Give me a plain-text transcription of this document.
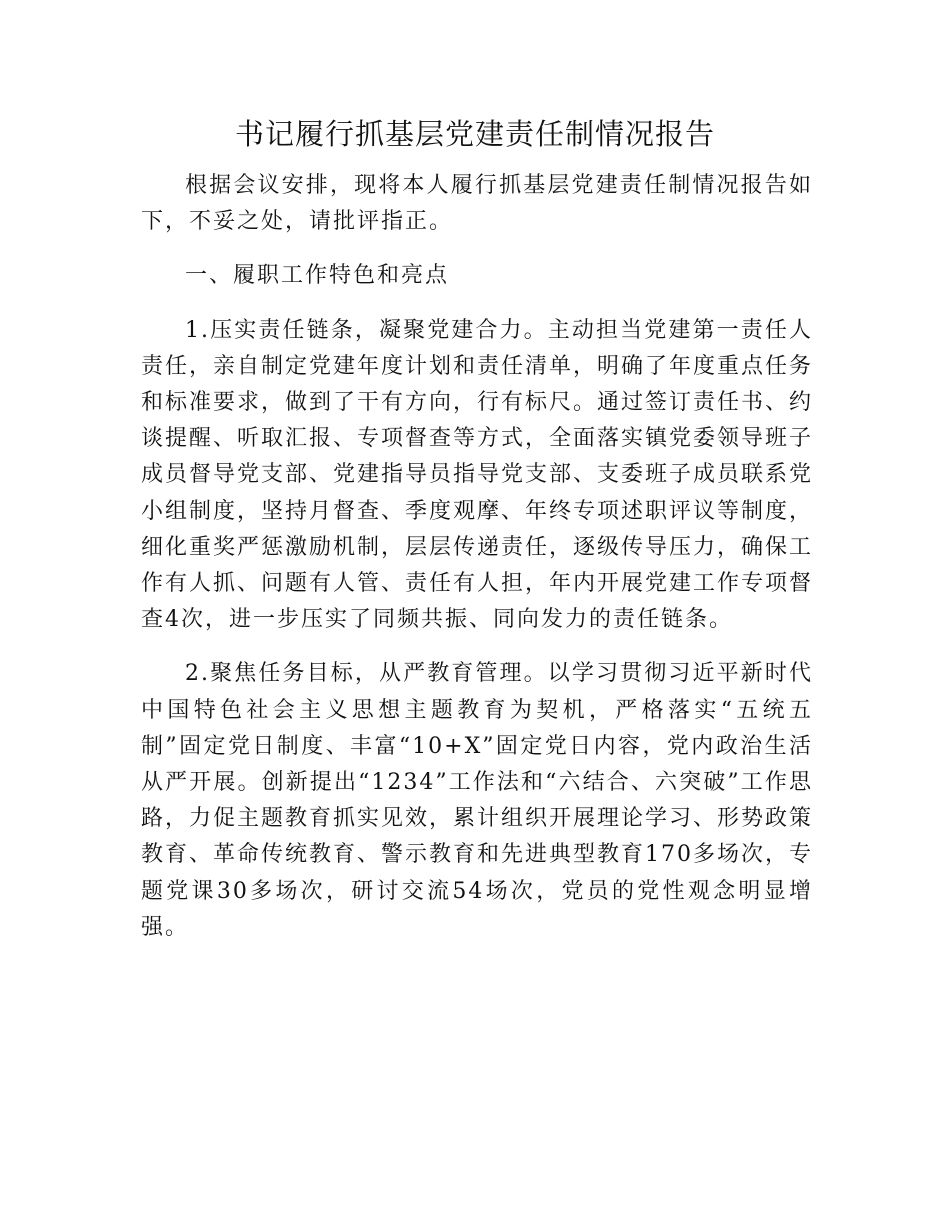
书记履行抓基层党建责任制情况报告

根据会议安排，现将本人履行抓基层党建责任制情况报告如下，不妥之处，请批评指正。

一、履职工作特色和亮点

1.压实责任链条，凝聚党建合力。主动担当党建第一责任人责任，亲自制定党建年度计划和责任清单，明确了年度重点任务和标准要求，做到了干有方向，行有标尺。通过签订责任书、约谈提醒、听取汇报、专项督查等方式，全面落实镇党委领导班子成员督导党支部、党建指导员指导党支部、支委班子成员联系党小组制度，坚持月督查、季度观摩、年终专项述职评议等制度，细化重奖严惩激励机制，层层传递责任，逐级传导压力，确保工作有人抓、问题有人管、责任有人担，年内开展党建工作专项督查4次，进一步压实了同频共振、同向发力的责任链条。

2.聚焦任务目标，从严教育管理。以学习贯彻习近平新时代中国特色社会主义思想主题教育为契机，严格落实“五统五制”固定党日制度、丰富“10+X”固定党日内容，党内政治生活从严开展。创新提出“1234”工作法和“六结合、六突破”工作思路，力促主题教育抓实见效，累计组织开展理论学习、形势政策教育、革命传统教育、警示教育和先进典型教育170多场次，专题党课30多场次，研讨交流54场次，党员的党性观念明显增强。
